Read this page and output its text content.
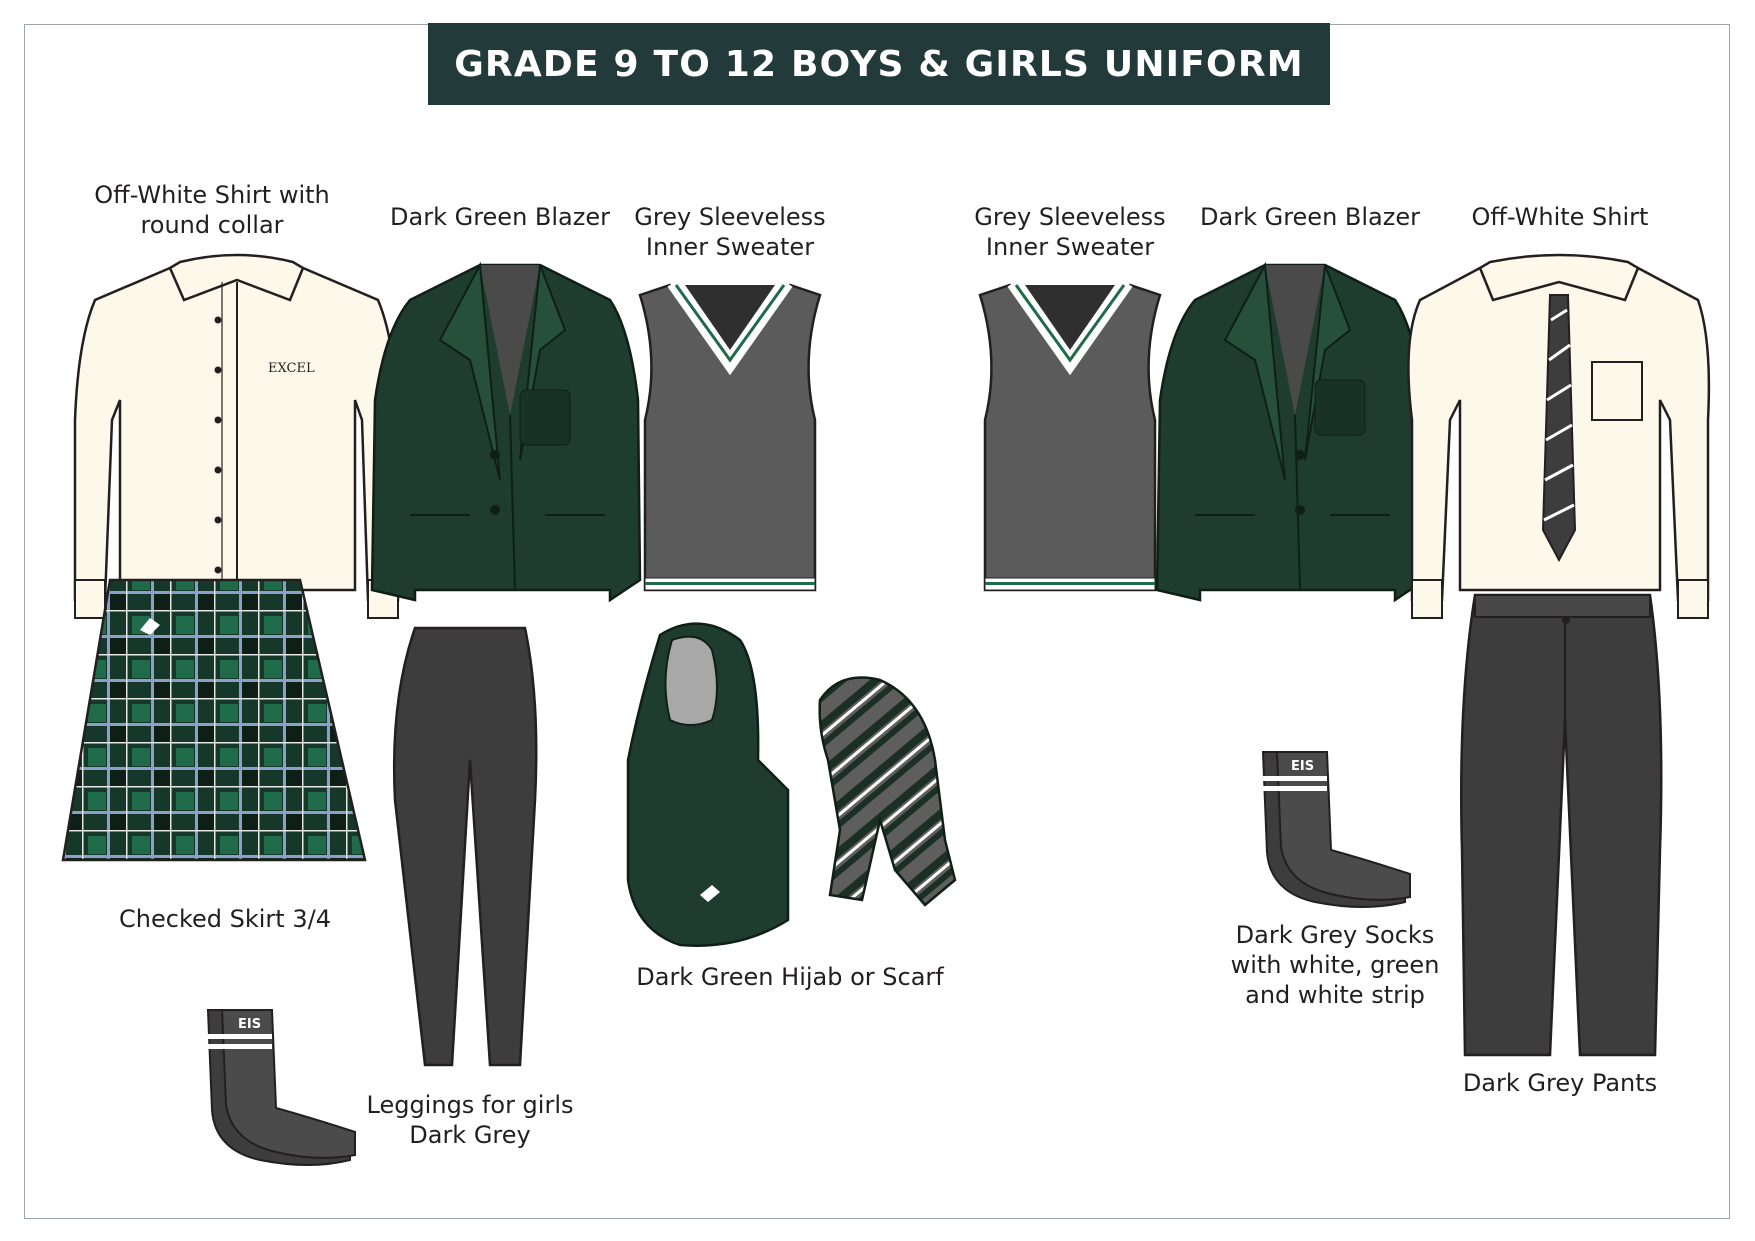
GRADE 9 TO 12 BOYS & GIRLS UNIFORM
EXCEL
EIS
EIS
Off-White Shirt with
round collar	Dark Green Blazer	Grey Sleeveless
Inner Sweater
Grey Sleeveless
Inner Sweater
Dark Green Blazer	Off-White Shirt
Checked Skirt 3/4
Leggings for girls
Dark Grey
Dark Green Hijab or Scarf
Dark Grey Socks
with white, green
and white strip
Dark Grey Pants
